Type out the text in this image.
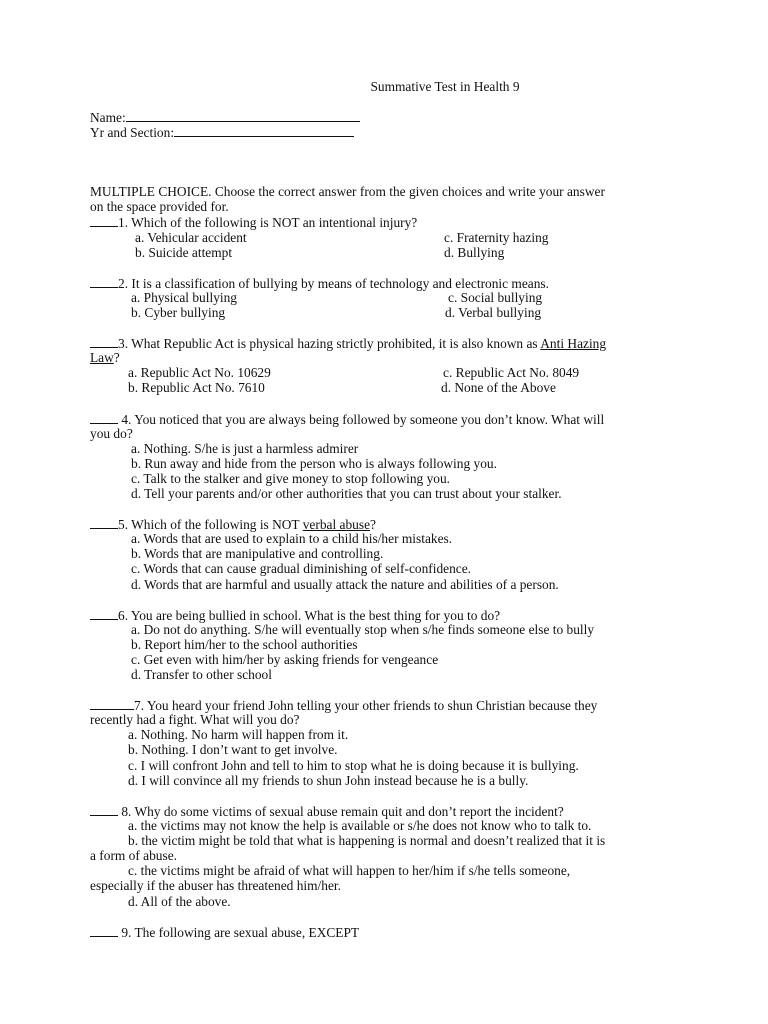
Summative Test in Health 9
Name:
Yr and Section:
MULTIPLE CHOICE. Choose the correct answer from the given choices and write your answer
on the space provided for.
1. Which of the following is NOT an intentional injury?
a. Vehicular accident	c. Fraternity hazing
b. Suicide attempt	d. Bullying
2. It is a classification of bullying by means of technology and electronic means.
a. Physical bullying	c. Social bullying
b. Cyber bullying	d. Verbal bullying
3. What Republic Act is physical hazing strictly prohibited, it is also known as Anti Hazing
Law?
a. Republic Act No. 10629	c. Republic Act No. 8049
b. Republic Act No. 7610	d. None of the Above
4. You noticed that you are always being followed by someone you don’t know. What will
you do?
a. Nothing. S/he is just a harmless admirer
b. Run away and hide from the person who is always following you.
c. Talk to the stalker and give money to stop following you.
d. Tell your parents and/or other authorities that you can trust about your stalker.
5. Which of the following is NOT verbal abuse?
a. Words that are used to explain to a child his/her mistakes.
b. Words that are manipulative and controlling.
c. Words that can cause gradual diminishing of self-confidence.
d. Words that are harmful and usually attack the nature and abilities of a person.
6. You are being bullied in school. What is the best thing for you to do?
a. Do not do anything. S/he will eventually stop when s/he finds someone else to bully
b. Report him/her to the school authorities
c. Get even with him/her by asking friends for vengeance
d. Transfer to other school
7. You heard your friend John telling your other friends to shun Christian because they
recently had a fight. What will you do?
a. Nothing. No harm will happen from it.
b. Nothing. I don’t want to get involve.
c. I will confront John and tell to him to stop what he is doing because it is bullying.
d. I will convince all my friends to shun John instead because he is a bully.
8. Why do some victims of sexual abuse remain quit and don’t report the incident?
a. the victims may not know the help is available or s/he does not know who to talk to.
b. the victim might be told that what is happening is normal and doesn’t realized that it is
a form of abuse.
c. the victims might be afraid of what will happen to her/him if s/he tells someone,
especially if the abuser has threatened him/her.
d. All of the above.
9. The following are sexual abuse, EXCEPT
